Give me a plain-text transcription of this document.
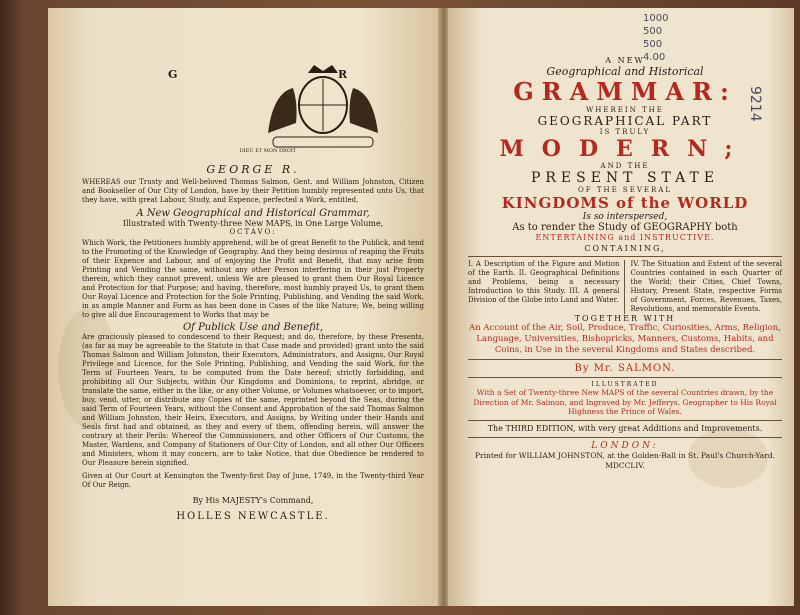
G	R
DIEU ET MON DROIT

GEORGE R.

WHEREAS our Trusty and Well-beloved Thomas Salmon, Gent. and William Johnston, Citizen and Bookseller of Our City of London, have by their Petition humbly represented unto Us, that they have, with great Labour, Study, and Expence, perfected a Work, entitled,

A New Geographical and Historical Grammar,

Illustrated with Twenty-three New MAPS, in One Large Volume,

OCTAVO:

Which Work, the Petitioners humbly apprehend, will be of great Benefit to the Publick, and tend to the Promoting of the Knowledge of Geography. And they being desirous of reaping the Fruits of their Expence and Labour, and of enjoying the Profit and Benefit, that may arise from Printing and Vending the same, without any other Person interfering in their just Property therein, which they cannot prevent, unless We are pleased to grant them Our Royal Licence and Protection for that Purpose; and having, therefore, most humbly prayed Us, to grant them Our Royal Licence and Protection for the Sole Printing, Publishing, and Vending the said Work, in as ample Manner and Form as has been done in Cases of the like Nature; We, being willing to give all due Encouragement to Works that may be

Of Publick Use and Benefit,

Are graciously pleased to condescend to their Request; and do, therefore, by these Presents, (as far as may be agreeable to the Statute in that Case made and provided) grant unto the said Thomas Salmon and William Johnston, their Executors, Administrators, and Assigns, Our Royal Privilege and Licence, for the Sole Printing, Publishing, and Vending the said Work, for the Term of Fourteen Years, to be computed from the Date hereof; strictly forbidding, and prohibiting all Our Subjects, within Our Kingdoms and Dominions, to reprint, abridge, or translate the same, either in the like, or any other Volume, or Volumes whatsoever, or to import, buy, vend, utter, or distribute any Copies of the same, reprinted beyond the Seas, during the said Term of Fourteen Years, without the Consent and Approbation of the said Thomas Salmon and William Johnston, their Heirs, Executors, and Assigns, by Writing under their Hands and Seals first had and obtained, as they and every of them, offending herein, will answer the contrary at their Perils: Whereof the Commissioners, and other Officers of Our Customs, the Master, Wardens, and Company of Stationers of Our City of London, and all other Our Officers and Ministers, whom it may concern, are to take Notice, that due Obedience be rendered to Our Pleasure herein signified.

Given at Our Court at Kensington the Twenty-first Day of June, 1749, in the Twenty-third Year Of Our Reign.

By His MAJESTY's Command,

HOLLES NEWCASTLE.

1000
500
500
4.00
9214

A NEW

Geographical and Historical

GRAMMAR:

WHEREIN THE

GEOGRAPHICAL PART

IS TRULY

MODERN;

AND THE

PRESENT STATE

OF THE SEVERAL

KINGDOMS of the WORLD

Is so interspersed,

As to render the Study of GEOGRAPHY both

ENTERTAINING and INSTRUCTIVE.

CONTAINING,

I. A Description of the Figure and Motion of the Earth. II. Geographical Definitions and Problems, being a necessary Introduction to this Study. III. A general Division of the Globe into Land and Water.
IV. The Situation and Extent of the several Countries contained in each Quarter of the World; their Cities, Chief Towns, History, Present State, respective Forms of Government, Forces, Revenues, Taxes, Revolutions, and memorable Events.

TOGETHER WITH

An Account of the Air, Soil, Produce, Traffic, Curiosities, Arms, Religion, Language, Universities, Bishopricks, Manners, Customs, Habits, and Coins, in Use in the several Kingdoms and States described.

By Mr. SALMON.

ILLUSTRATED

With a Set of Twenty-three New MAPS of the several Countries drawn, by the Direction of Mr. Salmon, and Ingraved by Mr. Jefferys, Geographer to His Royal Highness the Prince of Wales.

The THIRD EDITION, with very great Additions and Improvements.

LONDON:

Printed for WILLIAM JOHNSTON, at the Golden-Ball in St. Paul's Church-Yard. MDCCLIV.
